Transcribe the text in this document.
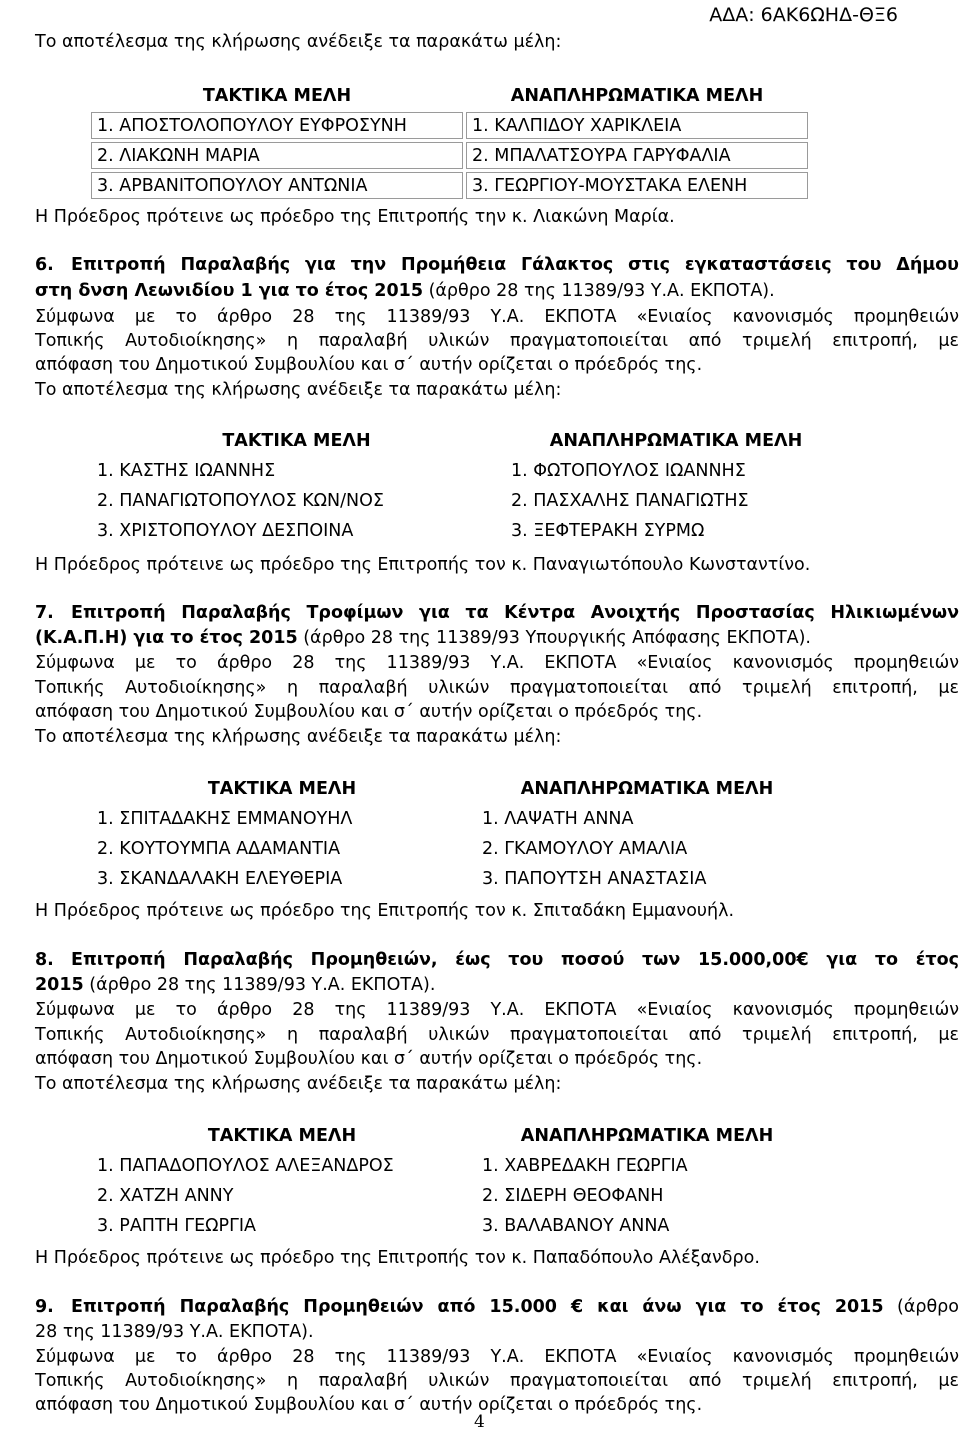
ΑΔΑ: 6ΑΚ6ΩΗΔ-ΘΞ6
Το αποτέλεσμα της κλήρωσης ανέδειξε τα παρακάτω μέλη:
ΤΑΚΤΙΚΑ ΜΕΛΗ	ΑΝΑΠΛΗΡΩΜΑΤΙΚΑ ΜΕΛΗ
1. ΑΠΟΣΤΟΛΟΠΟΥΛΟΥ ΕΥΦΡΟΣΥΝΗ	1. ΚΑΛΠΙΔΟΥ ΧΑΡΙΚΛΕΙΑ
2. ΛΙΑΚΩΝΗ ΜΑΡΙΑ	2. ΜΠΑΛΑΤΣΟΥΡΑ ΓΑΡΥΦΑΛΙΑ
3. ΑΡΒΑΝΙΤΟΠΟΥΛΟΥ ΑΝΤΩΝΙΑ	3. ΓΕΩΡΓΙΟΥ-ΜΟΥΣΤΑΚΑ ΕΛΕΝΗ
Η Πρόεδρος πρότεινε ως πρόεδρο της Επιτροπής την κ. Λιακώνη Μαρία.
6. Επιτροπή Παραλαβής για την Προμήθεια Γάλακτος στις εγκαταστάσεις του Δήμου
στη δνση Λεωνιδίου 1 για το έτος 2015 (άρθρο 28 της 11389/93 Υ.Α. ΕΚΠΟΤΑ).
Σύμφωνα με το άρθρο 28 της 11389/93 Υ.Α. ΕΚΠΟΤΑ «Ενιαίος κανονισμός προμηθειών
Τοπικής Αυτοδιοίκησης» η παραλαβή υλικών πραγματοποιείται από τριμελή επιτροπή, με
απόφαση του Δημοτικού Συμβουλίου και σ΄ αυτήν ορίζεται ο πρόεδρός της.
Το αποτέλεσμα της κλήρωσης ανέδειξε τα παρακάτω μέλη:
ΤΑΚΤΙΚΑ ΜΕΛΗ	ΑΝΑΠΛΗΡΩΜΑΤΙΚΑ ΜΕΛΗ
1. ΚΑΣΤΗΣ ΙΩΑΝΝΗΣ	1. ΦΩΤΟΠΟΥΛΟΣ ΙΩΑΝΝΗΣ
2. ΠΑΝΑΓΙΩΤΟΠΟΥΛΟΣ ΚΩΝ/ΝΟΣ	2. ΠΑΣΧΑΛΗΣ ΠΑΝΑΓΙΩΤΗΣ
3. ΧΡΙΣΤΟΠΟΥΛΟΥ ΔΕΣΠΟΙΝΑ	3. ΞΕΦΤΕΡΑΚΗ ΣΥΡΜΩ
Η Πρόεδρος πρότεινε ως πρόεδρο της Επιτροπής τον κ. Παναγιωτόπουλο Κωνσταντίνο.
7. Επιτροπή Παραλαβής Τροφίμων για τα Κέντρα Ανοιχτής Προστασίας Ηλικιωμένων
(Κ.Α.Π.Η) για το έτος 2015 (άρθρο 28 της 11389/93 Υπουργικής Απόφασης ΕΚΠΟΤΑ).
Σύμφωνα με το άρθρο 28 της 11389/93 Υ.Α. ΕΚΠΟΤΑ «Ενιαίος κανονισμός προμηθειών
Τοπικής Αυτοδιοίκησης» η παραλαβή υλικών πραγματοποιείται από τριμελή επιτροπή, με
απόφαση του Δημοτικού Συμβουλίου και σ΄ αυτήν ορίζεται ο πρόεδρός της.
Το αποτέλεσμα της κλήρωσης ανέδειξε τα παρακάτω μέλη:
ΤΑΚΤΙΚΑ ΜΕΛΗ	ΑΝΑΠΛΗΡΩΜΑΤΙΚΑ ΜΕΛΗ
1. ΣΠΙΤΑΔΑΚΗΣ ΕΜΜΑΝΟΥΗΛ	1. ΛΑΨΑΤΗ ΑΝΝΑ
2. ΚΟΥΤΟΥΜΠΑ ΑΔΑΜΑΝΤΙΑ	2. ΓΚΑΜΟΥΛΟΥ ΑΜΑΛΙΑ
3. ΣΚΑΝΔΑΛΑΚΗ ΕΛΕΥΘΕΡΙΑ	3. ΠΑΠΟΥΤΣΗ ΑΝΑΣΤΑΣΙΑ
Η Πρόεδρος πρότεινε ως πρόεδρο της Επιτροπής τον κ. Σπιταδάκη Εμμανουήλ.
8. Επιτροπή Παραλαβής Προμηθειών, έως του ποσού των 15.000,00€ για το έτος
2015 (άρθρο 28 της 11389/93 Υ.Α. ΕΚΠΟΤΑ).
Σύμφωνα με το άρθρο 28 της 11389/93 Υ.Α. ΕΚΠΟΤΑ «Ενιαίος κανονισμός προμηθειών
Τοπικής Αυτοδιοίκησης» η παραλαβή υλικών πραγματοποιείται από τριμελή επιτροπή, με
απόφαση του Δημοτικού Συμβουλίου και σ΄ αυτήν ορίζεται ο πρόεδρός της.
Το αποτέλεσμα της κλήρωσης ανέδειξε τα παρακάτω μέλη:
ΤΑΚΤΙΚΑ ΜΕΛΗ	ΑΝΑΠΛΗΡΩΜΑΤΙΚΑ ΜΕΛΗ
1. ΠΑΠΑΔΟΠΟΥΛΟΣ ΑΛΕΞΑΝΔΡΟΣ	1. ΧΑΒΡΕΔΑΚΗ ΓΕΩΡΓΙΑ
2. ΧΑΤΖΗ ΑΝΝΥ	2. ΣΙΔΕΡΗ ΘΕΟΦΑΝΗ
3. ΡΑΠΤΗ ΓΕΩΡΓΙΑ	3. ΒΑΛΑΒΑΝΟΥ ΑΝΝΑ
Η Πρόεδρος πρότεινε ως πρόεδρο της Επιτροπής τον κ. Παπαδόπουλο Αλέξανδρο.
9. Επιτροπή Παραλαβής Προμηθειών από 15.000 € και άνω για το έτος 2015 (άρθρο
28 της 11389/93 Υ.Α. ΕΚΠΟΤΑ).
Σύμφωνα με το άρθρο 28 της 11389/93 Υ.Α. ΕΚΠΟΤΑ «Ενιαίος κανονισμός προμηθειών
Τοπικής Αυτοδιοίκησης» η παραλαβή υλικών πραγματοποιείται από τριμελή επιτροπή, με
απόφαση του Δημοτικού Συμβουλίου και σ΄ αυτήν ορίζεται ο πρόεδρός της.
4
